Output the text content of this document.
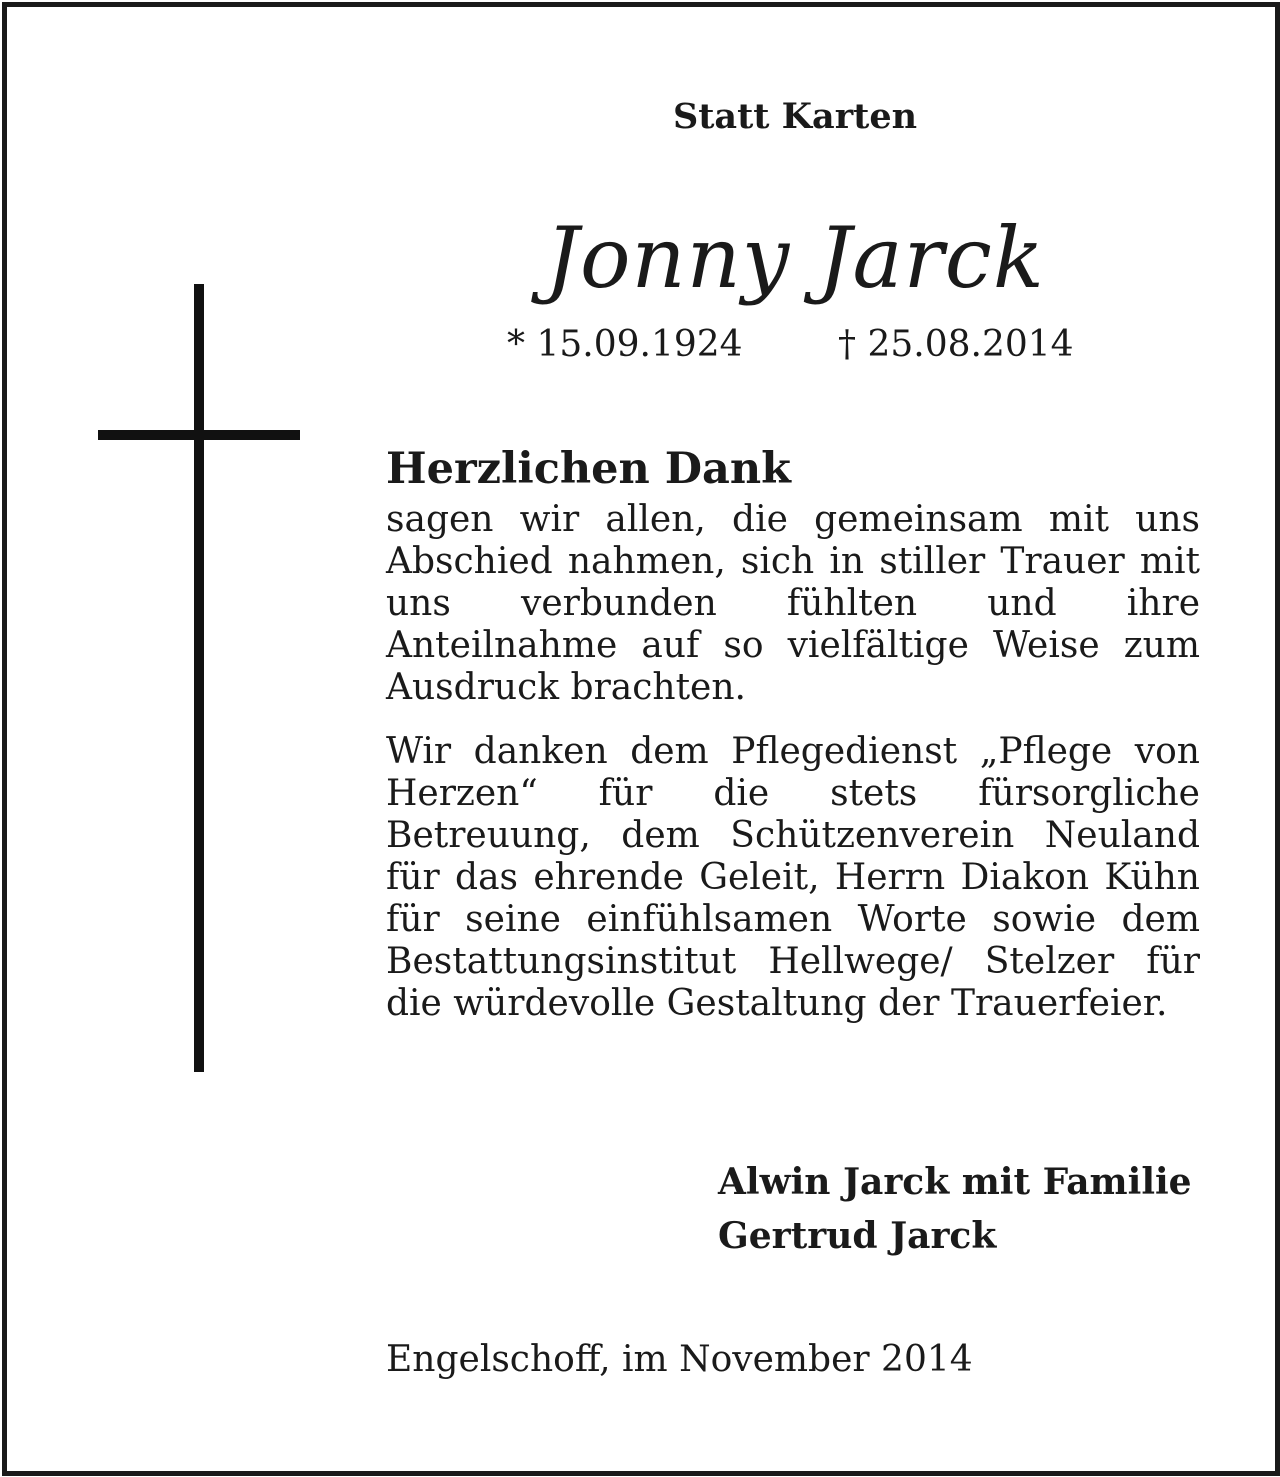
Statt Karten
Jonny Jarck
* 15.09.1924	† 25.08.2014
Herzlichen Dank

sagen wir allen, die gemeinsam mit uns Abschied nahmen, sich in stiller Trauer mit uns verbunden fühlten und ihre Anteilnahme auf so vielfältige Weise zum Ausdruck brachten.

Wir danken dem Pflegedienst „Pflege von Herzen“ für die stets fürsorgliche Betreuung, dem Schützenverein Neuland für das ehrende Geleit, Herrn Diakon Kühn für seine einfühlsamen Worte sowie dem Bestattungsinstitut Hellwege/ Stelzer für die würdevolle Gestaltung der Trauerfeier.

Alwin Jarck mit Familie
Gertrud Jarck
Engelschoff, im November 2014
